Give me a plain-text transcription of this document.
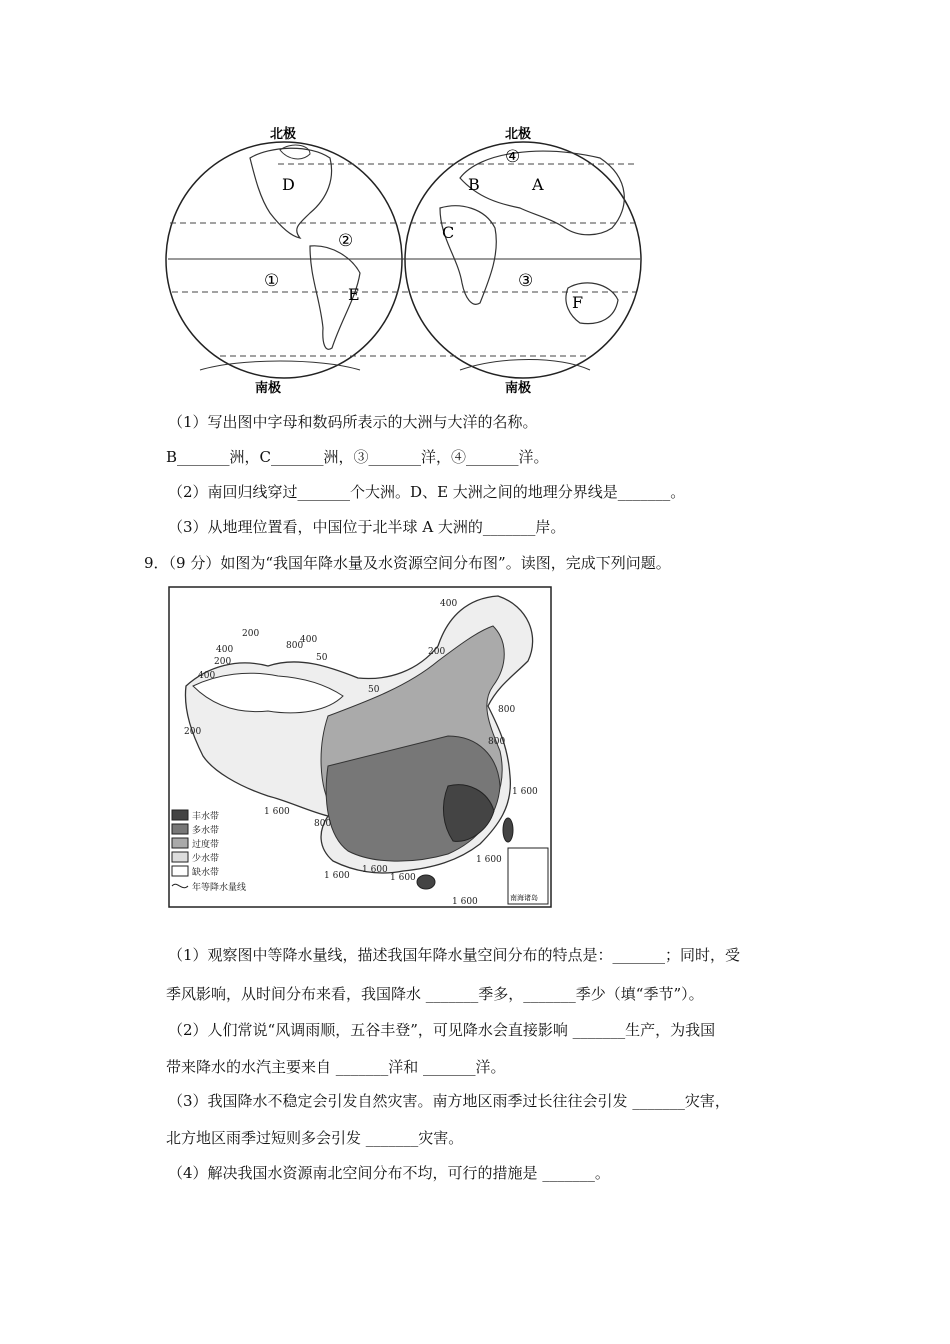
北极	北极
南极	南极
D
E
B	A
C
F
①
②
③
④
（1）写出图中字母和数码所表示的大洲与大洋的名称。
B_______洲，C_______洲，③_______洋，④_______洋。
（2）南回归线穿过_______个大洲。D、E 大洲之间的地理分界线是_______。
（3）从地理位置看，中国位于北半球 A 大洲的_______岸。
9．（9 分）如图为“我国年降水量及水资源空间分布图”。读图，完成下列问题。
400
800
200
400
400
200	50
200
50
800
400
200
800
1 600
800
1 600
1 600
1 600
1 600
1 600
1 600
丰水带
多水带
过度带
少水带
缺水带
年等降水量线
南海诸岛
（1）观察图中等降水量线，描述我国年降水量空间分布的特点是：_______；同时，受
季风影响，从时间分布来看，我国降水 _______季多，_______季少（填“季节”）。
（2）人们常说“风调雨顺，五谷丰登”，可见降水会直接影响 _______生产，为我国
带来降水的水汽主要来自 _______洋和 _______洋。
（3）我国降水不稳定会引发自然灾害。南方地区雨季过长往往会引发 _______灾害，
北方地区雨季过短则多会引发 _______灾害。
（4）解决我国水资源南北空间分布不均，可行的措施是 _______。
